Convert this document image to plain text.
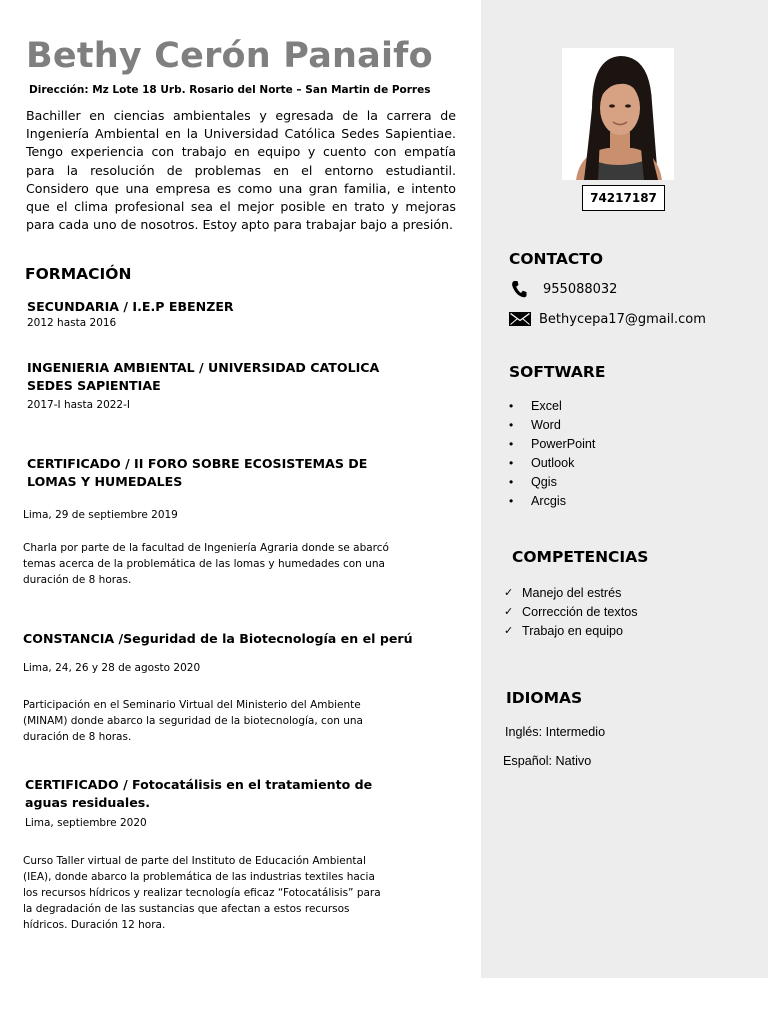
Bethy Cerón Panaifo
Dirección: Mz Lote 18 Urb. Rosario del Norte – San Martin de Porres
Bachiller en ciencias ambientales y egresada de la carrera de Ingeniería Ambiental en la Universidad Católica Sedes Sapientiae. Tengo experiencia con trabajo en equipo y cuento con empatía para la resolución de problemas en el entorno estudiantil. Considero que una empresa es como una gran familia, e intento que el clima profesional sea el mejor posible en trato y mejoras para cada uno de nosotros. Estoy apto para trabajar bajo a presión.
FORMACIÓN
SECUNDARIA / I.E.P EBENZER
2012 hasta 2016
INGENIERIA AMBIENTAL / UNIVERSIDAD CATOLICA SEDES SAPIENTIAE
2017-I hasta 2022-I
CERTIFICADO / II FORO SOBRE ECOSISTEMAS DE LOMAS Y HUMEDALES
Lima, 29 de septiembre 2019
Charla por parte de la facultad de Ingeniería Agraria donde se abarcó temas acerca de la problemática de las lomas y humedades con una duración de 8 horas.
CONSTANCIA /Seguridad de la Biotecnología en el perú
Lima, 24, 26 y 28 de agosto 2020
Participación en el Seminario Virtual del Ministerio del Ambiente (MINAM) donde abarco la seguridad de la biotecnología, con una duración de 8 horas.
CERTIFICADO / Fotocatálisis en el tratamiento de aguas residuales.
Lima, septiembre 2020
Curso Taller virtual de parte del Instituto de Educación Ambiental (IEA), donde abarco la problemática de las industrias textiles hacia los recursos hídricos y realizar tecnología eficaz “Fotocatálisis” para la degradación de las sustancias que afectan a estos recursos hídricos. Duración 12 hora.
74217187
CONTACTO
955088032
Bethycepa17@gmail.com
SOFTWARE
• Excel
• Word
• PowerPoint
• Outlook
• Qgis
• Arcgis
COMPETENCIAS
✓ Manejo del estrés
✓ Corrección de textos
✓ Trabajo en equipo
IDIOMAS
Inglés: Intermedio
Español: Nativo
